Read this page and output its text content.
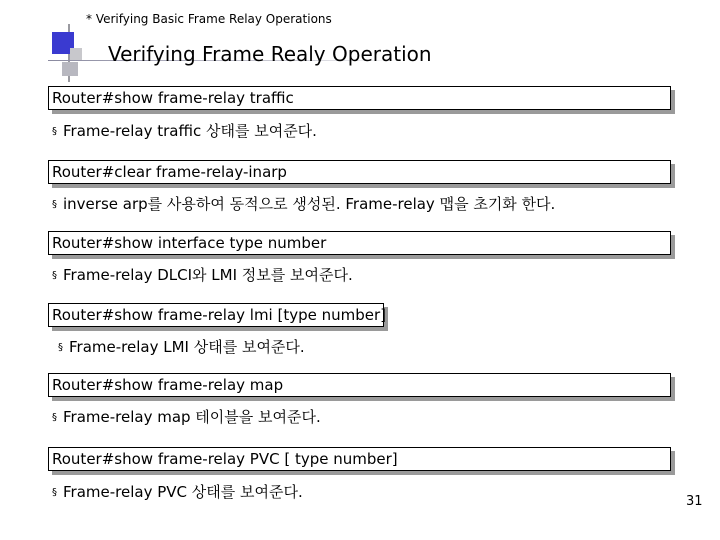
* Verifying Basic Frame Relay Operations
Verifying Frame Realy Operation
Router#show frame-relay traffic
§ Frame-relay traffic 상태를 보여준다.
Router#clear frame-relay-inarp
§ inverse arp를 사용하여 동적으로 생성된. Frame-relay 맵을 초기화 한다.
Router#show interface type number
§ Frame-relay DLCI와 LMI 정보를 보여준다.
Router#show frame-relay lmi [type number]
§ Frame-relay LMI 상태를 보여준다.
Router#show frame-relay map
§ Frame-relay map 테이블을 보여준다.
Router#show frame-relay PVC [ type number]
§ Frame-relay PVC 상태를 보여준다.
31
